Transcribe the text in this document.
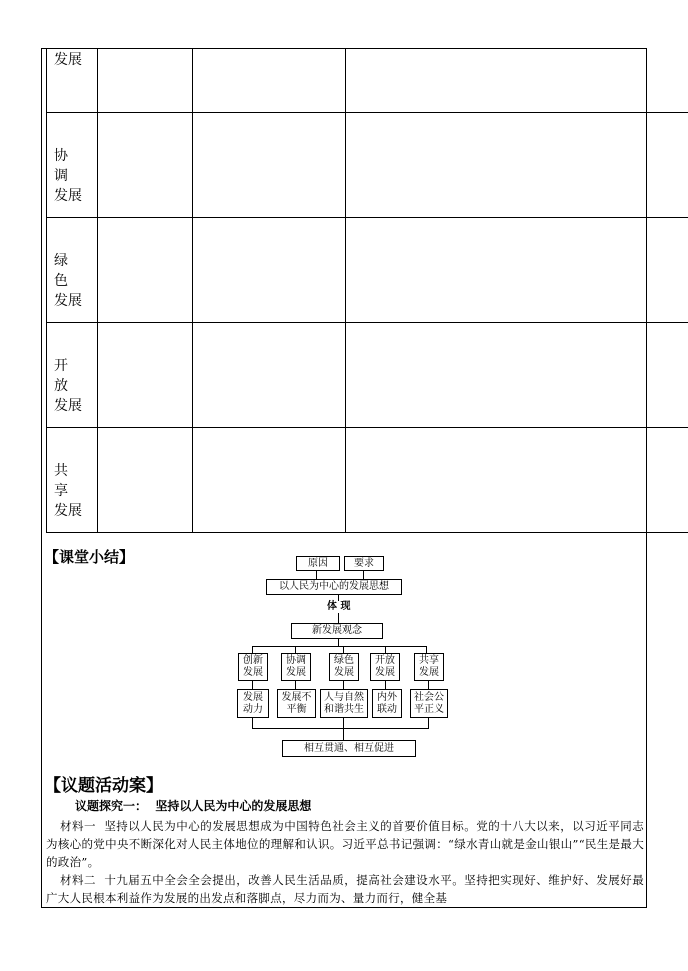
发展
协调
发展
绿色
发展
开放
发展
共享
发展
【课堂小结】	原因	要求
以人民为中心的发展思想
体 现
新发展观念
创新
发展
协调
发展
绿色
发展
开放
发展
共享
发展
发展
动力
发展不
平衡
人与自然
和谐共生
内外
联动
社会公
平正义
相互贯通、相互促进
【议题活动案】
议题探究一：  坚持以人民为中心的发展思想
材料一 坚持以人民为中心的发展思想成为中国特色社会主义的首要价值目标。党的十八大以来，以习近平同志为核心的党中央不断深化对人民主体地位的理解和认识。习近平总书记强调：“绿水青山就是金山银山”“民生是最大的政治”。
材料二 十九届五中全会全会提出，改善人民生活品质，提高社会建设水平。坚持把实现好、维护好、发展好最广大人民根本利益作为发展的出发点和落脚点，尽力而为、量力而行，健全基
